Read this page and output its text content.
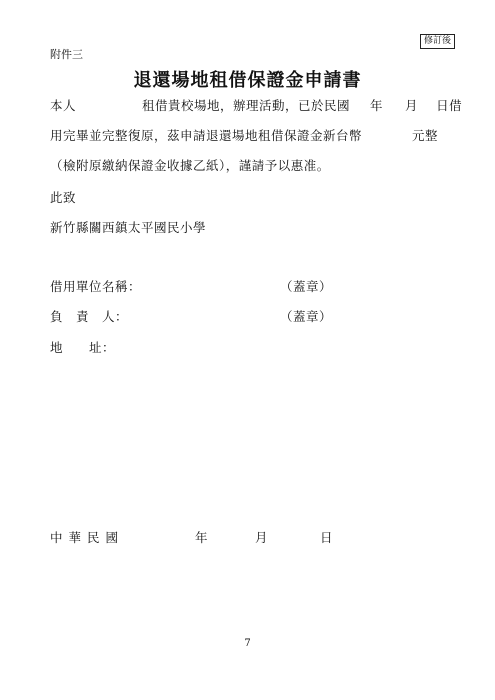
修訂後
附件三
退還場地租借保證金申請書
本人	租借貴校場地，辦理活動，已於民國 年 月 日借
用完畢並完整復原，茲申請退還場地租借保證金新台幣	元整
（檢附原繳納保證金收據乙紙），謹請予以惠准。
此致
新竹縣關西鎮太平國民小學
借用單位名稱：	（蓋章）
負　責　人：	（蓋章）
地　　址：
中華民國	年	月	日
7
